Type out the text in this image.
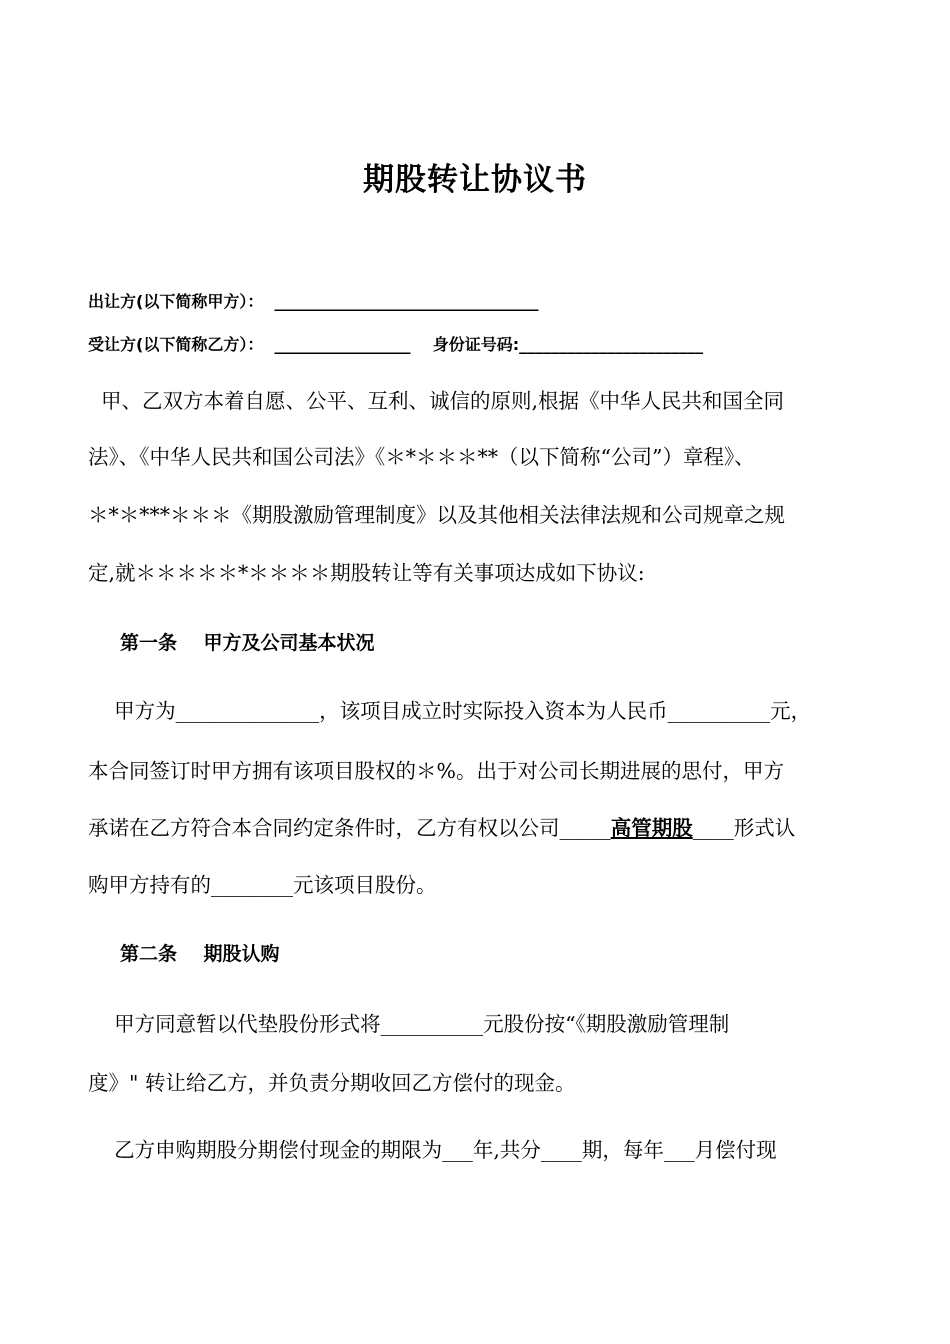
期股转让协议书
出让方(以下简称甲方）： _________________________________
受让方(以下简称乙方）： _________________ 身份证号码:_______________________
甲、乙双方本着自愿、公平、互利、诚信的原则,根据《中华人民共和国全同
法》、《中华人民共和国公司法》《＊*＊＊＊**（以下简称“公司”）章程》、
＊*＊***＊＊＊《期股激励管理制度》以及其他相关法律法规和公司规章之规
定,就＊＊＊＊＊*＊＊＊＊期股转让等有关事项达成如下协议:
第一条    甲方及公司基本状况
甲方为______________，该项目成立时实际投入资本为人民币__________元，
本合同签订时甲方拥有该项目股权的＊%。出于对公司长期进展的思付，甲方
承诺在乙方符合本合同约定条件时，乙方有权以公司_____高管期股____形式认
购甲方持有的________元该项目股份。
第二条    期股认购
甲方同意暂以代垫股份形式将__________元股份按“《期股激励管理制
度》" 转让给乙方，并负责分期收回乙方偿付的现金。
乙方申购期股分期偿付现金的期限为___年,共分____期，每年___月偿付现
